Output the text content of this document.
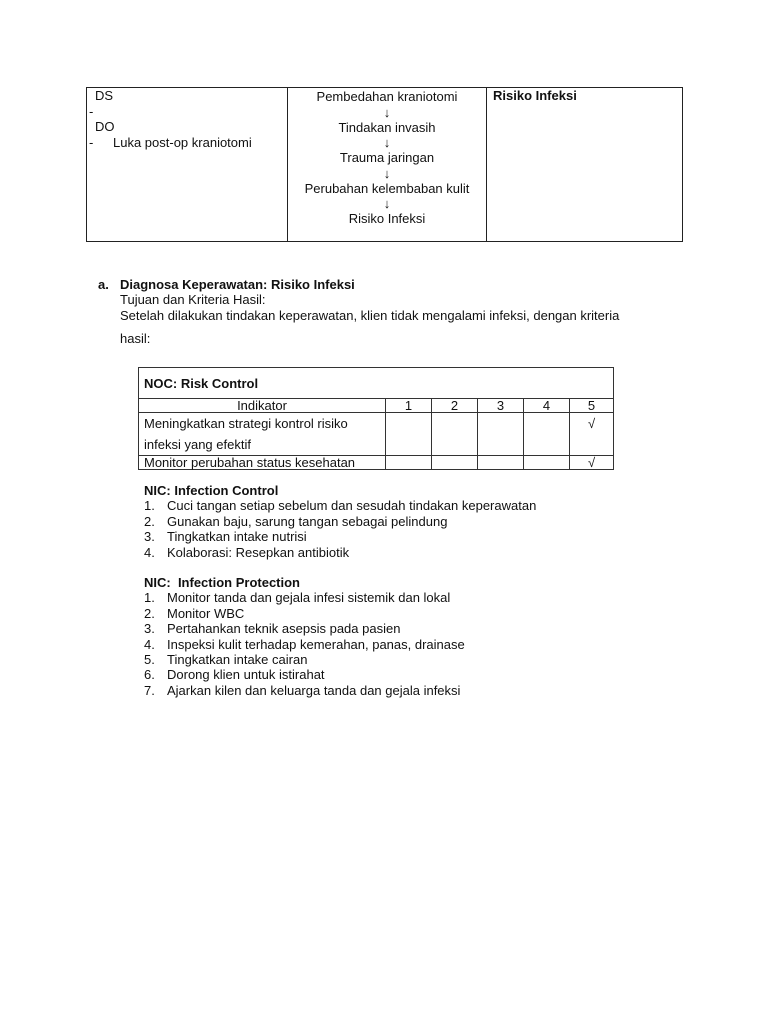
DS
-
DO
-	Luka post-op kraniotomi

Pembedahan kraniotomi
↓
Tindakan invasih
↓
Trauma jaringan
↓
Perubahan kelembaban kulit
↓
Risiko Infeksi

Risiko Infeksi
a. Diagnosa Keperawatan: Risiko Infeksi
Tujuan dan Kriteria Hasil:
Setelah dilakukan tindakan keperawatan, klien tidak mengalami infeksi, dengan kriteria
hasil:
NOC: Risk Control					
Indikator	1	2	3	4	5

Meningkatkan strategi kontrol risiko
infeksi yang efektif					√
Monitor perubahan status kesehatan					√
NIC: Infection Control
1. Cuci tangan setiap sebelum dan sesudah tindakan keperawatan
2. Gunakan baju, sarung tangan sebagai pelindung
3. Tingkatkan intake nutrisi
4. Kolaborasi: Resepkan antibiotik
NIC:  Infection Protection
1. Monitor tanda dan gejala infesi sistemik dan lokal
2. Monitor WBC
3. Pertahankan teknik asepsis pada pasien
4. Inspeksi kulit terhadap kemerahan, panas, drainase
5. Tingkatkan intake cairan
6. Dorong klien untuk istirahat
7. Ajarkan kilen dan keluarga tanda dan gejala infeksi
